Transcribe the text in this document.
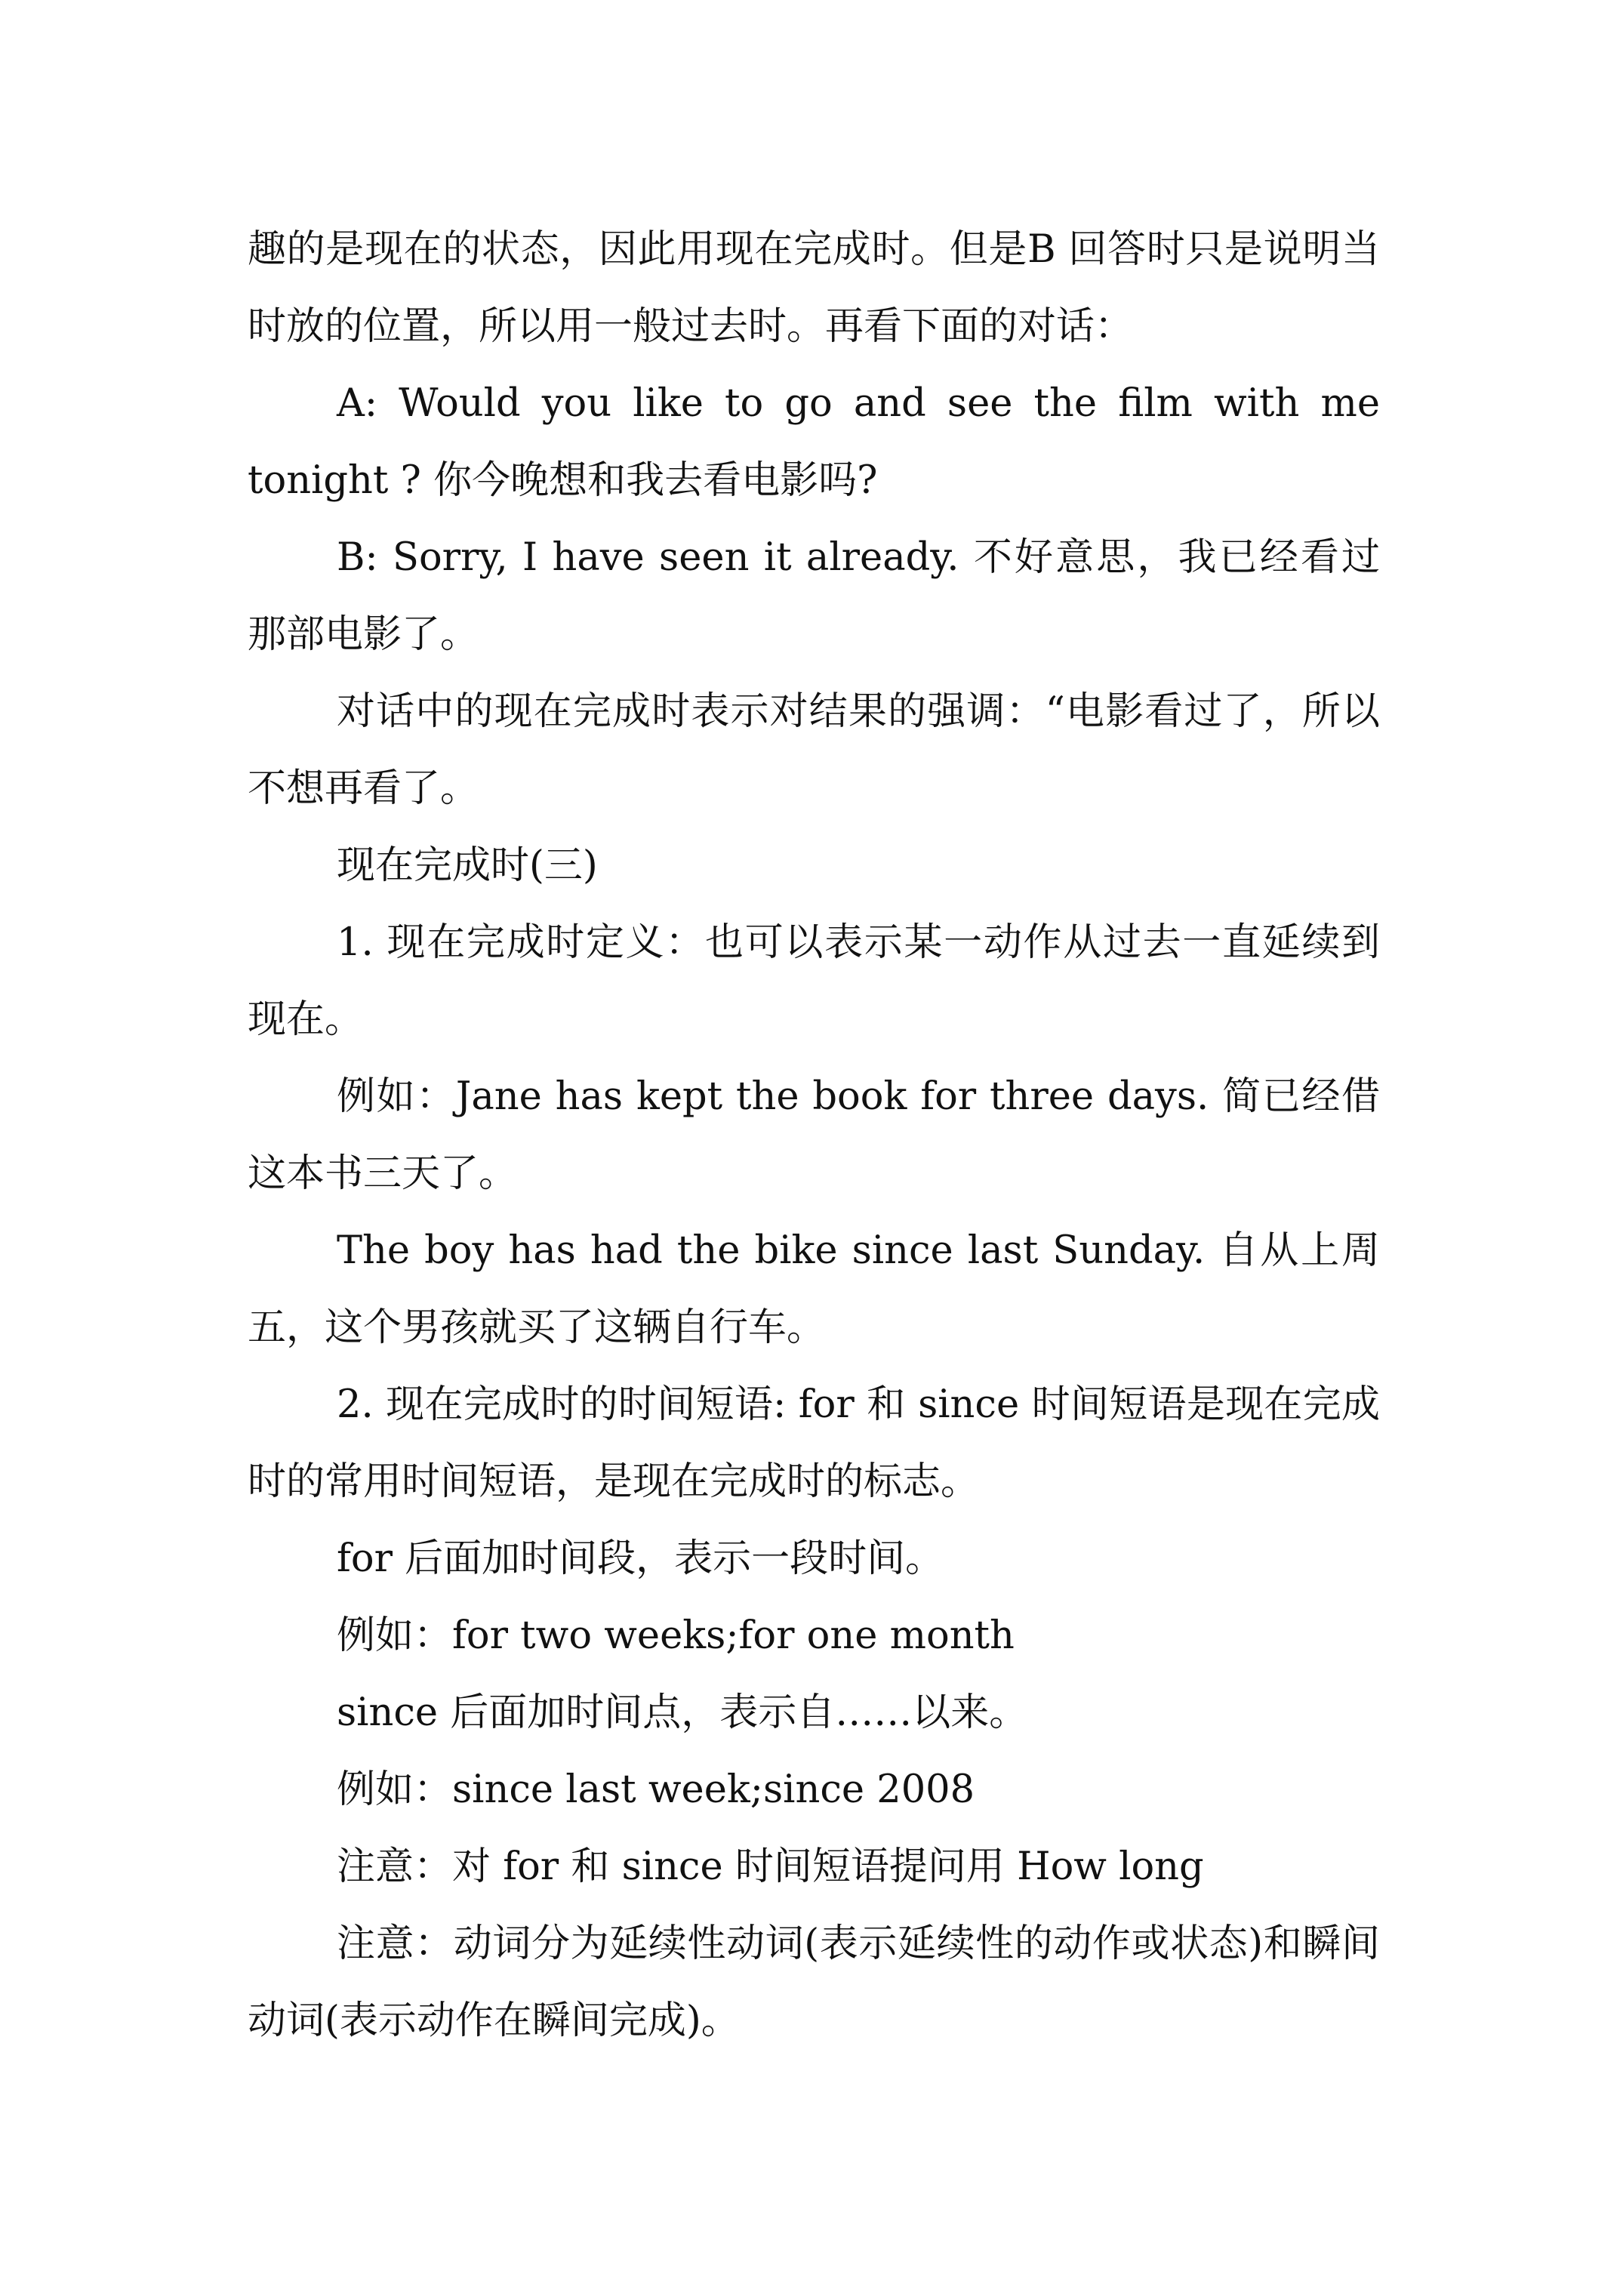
趣的是现在的状态，因此用现在完成时。但是B 回答时只是说明当时放的位置，所以用一般过去时。再看下面的对话：

A: Would you like to go and see the film with me tonight ? 你今晚想和我去看电影吗?

B: Sorry, I have seen it already. 不好意思，我已经看过那部电影了。

对话中的现在完成时表示对结果的强调：“电影看过了，所以不想再看了。

现在完成时(三)

1. 现在完成时定义：也可以表示某一动作从过去一直延续到现在。

例如：Jane has kept the book for three days. 简已经借这本书三天了。

The boy has had the bike since last Sunday. 自从上周五，这个男孩就买了这辆自行车。

2. 现在完成时的时间短语: for 和 since 时间短语是现在完成时的常用时间短语，是现在完成时的标志。

for 后面加时间段，表示一段时间。

例如：for two weeks;for one month

since 后面加时间点，表示自……以来。

例如：since last week;since 2008

注意：对 for 和 since 时间短语提问用 How long

注意：动词分为延续性动词(表示延续性的动作或状态)和瞬间动词(表示动作在瞬间完成)。
